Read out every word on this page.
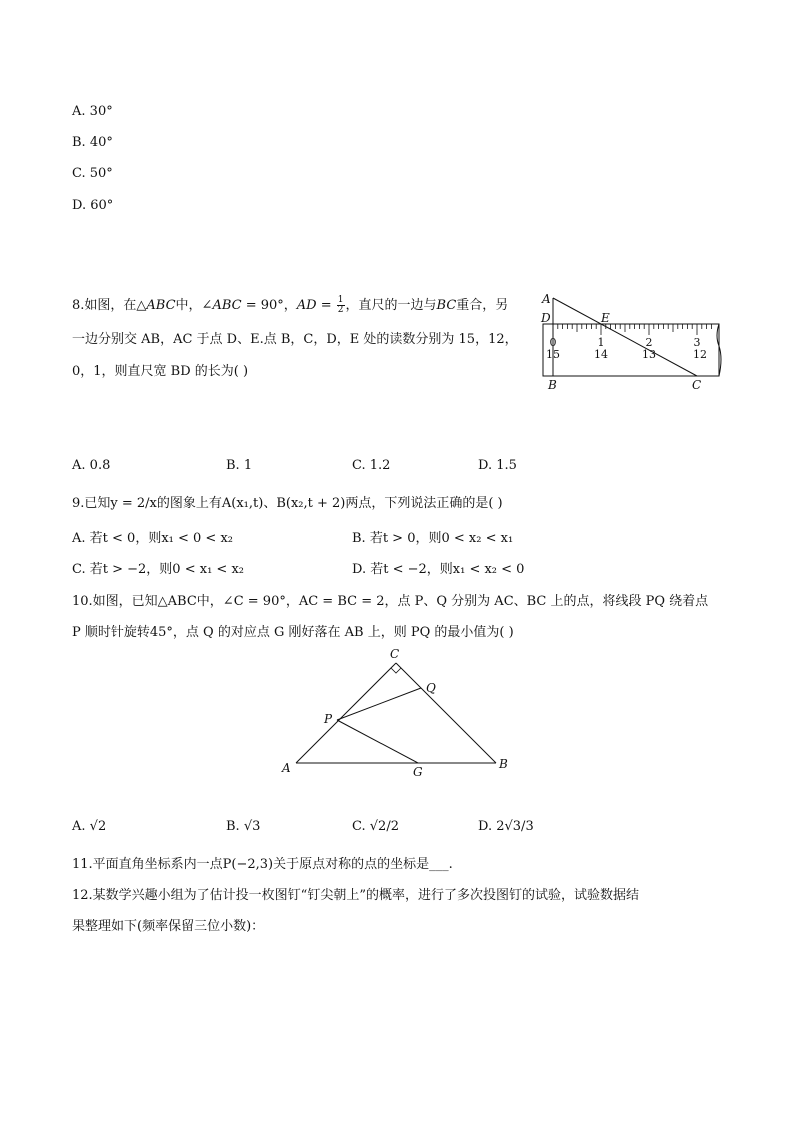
A. 30°
B. 40°
C. 50°
D. 60°
8.如图，在△ABC中，∠ABC = 90°，AD = $\frac{1}{2}$ ，直尺的一边与BC重合，另
一边分别交 AB，AC 于点 D、E.点 B，C，D，E 处的读数分别为 15，12，
0，1，则直尺宽 BD 的长为( )
A
D	E
B	C
0	1	2	3
15	14	13	12
A. 0.8	B. 1	C. 1.2	D. 1.5
9.已知y = 2/x的图象上有A(x₁,t)、B(x₂,t + 2)两点，下列说法正确的是( )
A. 若t < 0，则x₁ < 0 < x₂	B. 若t > 0，则0 < x₂ < x₁
C. 若t > −2，则0 < x₁ < x₂	D. 若t < −2，则x₁ < x₂ < 0
10.如图，已知△ABC中，∠C = 90°，AC = BC = 2，点 P、Q 分别为 AC、BC 上的点，将线段 PQ 绕着点
P 顺时针旋转45°，点 Q 的对应点 G 刚好落在 AB 上，则 PQ 的最小值为( )
C
Q
P
A	G
B
A. √2	B. √3	C. √2/2	D. 2√3/3
11.平面直角坐标系内一点P(−2,3)关于原点对称的点的坐标是___.
12.某数学兴趣小组为了估计投一枚图钉“钉尖朝上”的概率，进行了多次投图钉的试验，试验数据结
果整理如下(频率保留三位小数)：
